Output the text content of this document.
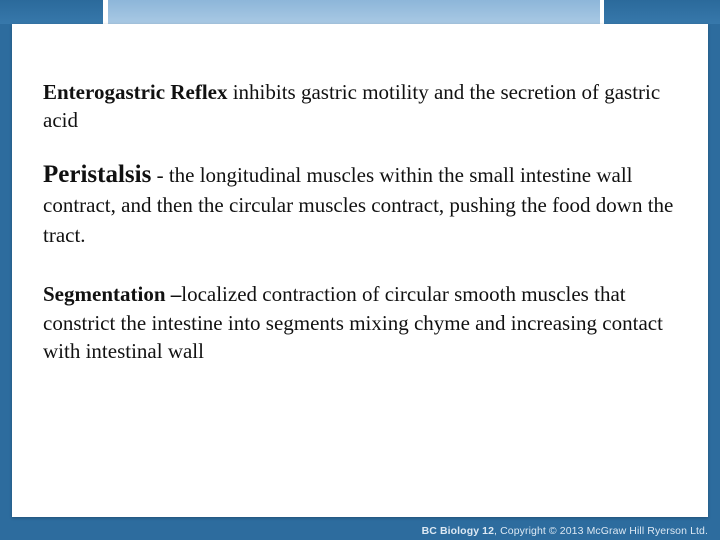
Enterogastric Reflex inhibits gastric motility and the secretion of gastric acid

Peristalsis - the longitudinal muscles within the small intestine wall contract, and then the circular muscles contract, pushing the food down the tract.

Segmentation –localized contraction of circular smooth muscles that constrict the intestine into segments mixing chyme and increasing contact with intestinal wall

BC Biology 12, Copyright © 2013 McGraw Hill Ryerson Ltd.
